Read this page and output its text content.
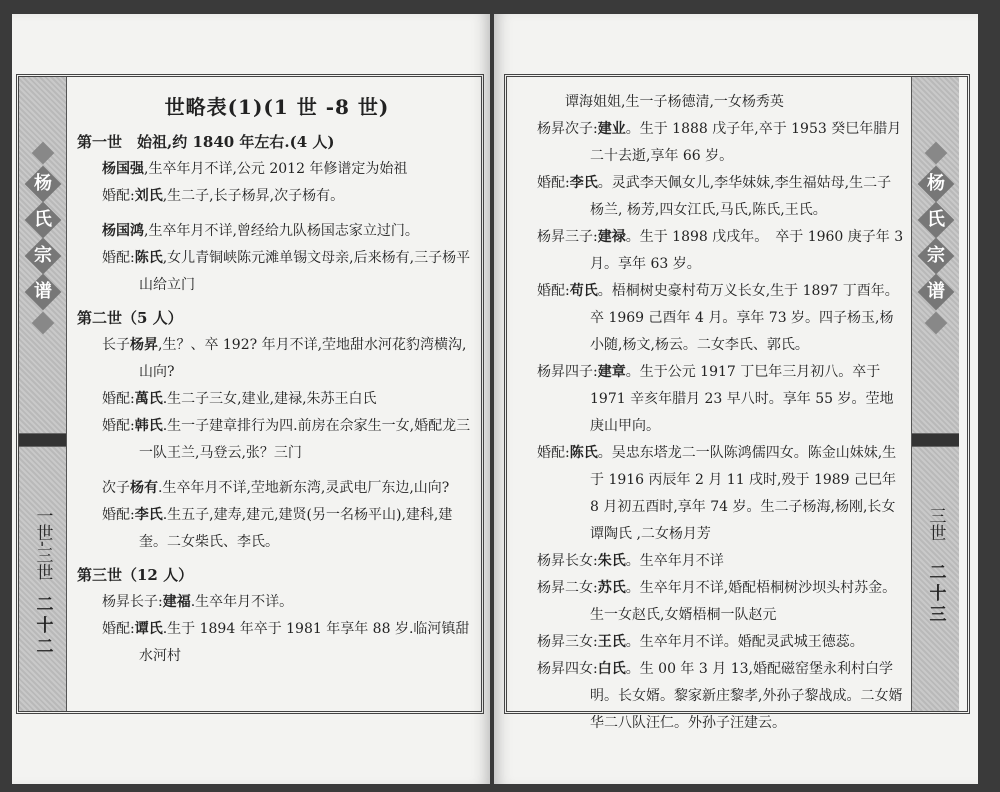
杨
氏
宗
谱
一世-三世
二十二
世略表(1)(1 世 -8 世)
第一世　始祖,约 1840 年左右.(4 人)
杨国强,生卒年月不详,公元 2012 年修谱定为始祖
婚配:刘氏,生二子,长子杨昇,次子杨有。
杨国鸿,生卒年月不详,曾经给九队杨国志家立过门。
婚配:陈氏,女儿青铜峡陈元滩单锡文母亲,后来杨有,三子杨平山给立门
第二世（5 人）
长子杨昇,生？、卒 192? 年月不详,茔地甜水河花豹湾横沟,山向?
婚配:萬氏.生二子三女,建业,建禄,朱苏王白氏
婚配:韩氏.生一子建章排行为四.前房在佘家生一女,婚配龙三一队王兰,马登云,张？三门
次子杨有.生卒年月不详,茔地新东湾,灵武电厂东边,山向?
婚配:李氏.生五子,建寿,建元,建贤(另一名杨平山),建科,建奎。二女柴氏、李氏。
第三世（12 人）
杨昇长子:建福.生卒年月不详。
婚配:谭氏.生于 1894 年卒于 1981 年享年 88 岁.临河镇甜水河村
杨
氏
宗
谱
三世
二十三
谭海姐姐,生一子杨德清,一女杨秀英
杨昇次子:建业。生于 1888 戊子年,卒于 1953 癸巳年腊月二十去逝,享年 66 岁。
婚配:李氏。灵武李天佩女儿,李华妹妹,李生福姑母,生二子杨兰, 杨芳,四女江氏,马氏,陈氏,王氏。
杨昇三子:建禄。生于 1898 戊戌年。　卒于 1960 庚子年 3 月。享年 63 岁。
婚配:苟氏。梧桐树史豪村苟万义长女,生于 1897 丁酉年。卒 1969 己酉年 4 月。享年 73 岁。四子杨玉,杨小随,杨文,杨云。二女李氏、郭氏。
杨昇四子:建章。生于公元 1917 丁巳年三月初八。卒于 1971 辛亥年腊月 23 早八时。享年 55 岁。茔地庚山甲向。
婚配:陈氏。吴忠东塔龙二一队陈鸿儒四女。陈金山妹妹,生于 1916 丙辰年 2 月 11 戌时,殁于 1989 己巳年 8 月初五酉时,享年 74 岁。生二子杨海,杨刚,长女谭陶氏 ,二女杨月芳
杨昇长女:朱氏。生卒年月不详
杨昇二女:苏氏。生卒年月不详,婚配梧桐树沙坝头村苏金。生一女赵氏,女婿梧桐一队赵元
杨昇三女:王氏。生卒年月不详。婚配灵武城王德蕊。
杨昇四女:白氏。生 00 年 3 月 13,婚配磁窑堡永利村白学明。长女婿。黎家新庄黎孝,外孙子黎战成。二女婿华二八队汪仁。外孙子汪建云。
